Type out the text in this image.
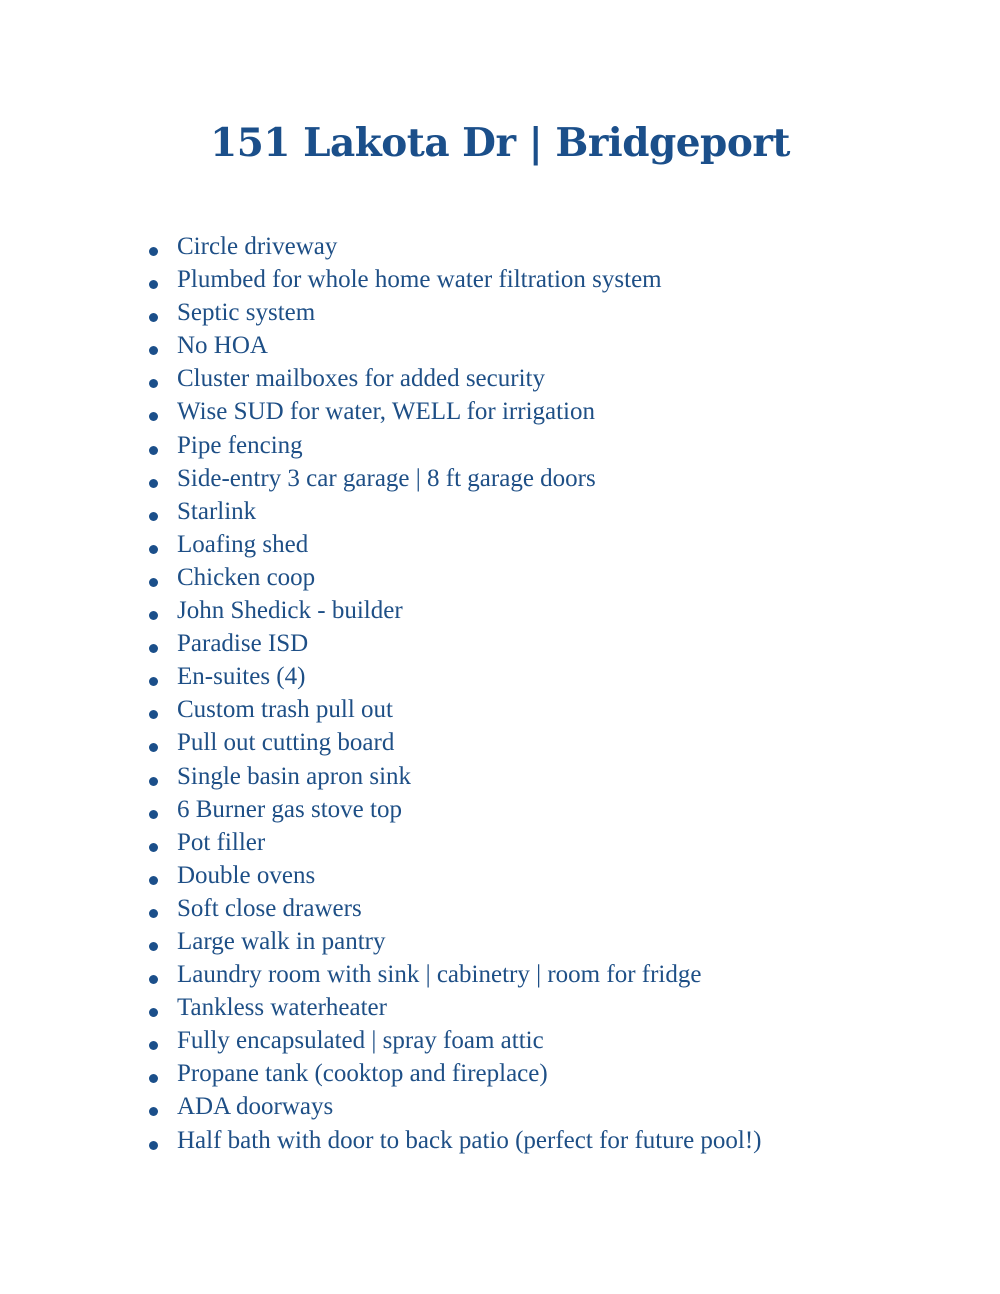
151 Lakota Dr | Bridgeport
Circle driveway
Plumbed for whole home water filtration system
Septic system
No HOA
Cluster mailboxes for added security
Wise SUD for water, WELL for irrigation
Pipe fencing
Side-entry 3 car garage | 8 ft garage doors
Starlink
Loafing shed
Chicken coop
John Shedick - builder
Paradise ISD
En-suites (4)
Custom trash pull out
Pull out cutting board
Single basin apron sink
6 Burner gas stove top
Pot filler
Double ovens
Soft close drawers
Large walk in pantry
Laundry room with sink | cabinetry | room for fridge
Tankless waterheater
Fully encapsulated | spray foam attic
Propane tank (cooktop and fireplace)
ADA doorways
Half bath with door to back patio (perfect for future pool!)
